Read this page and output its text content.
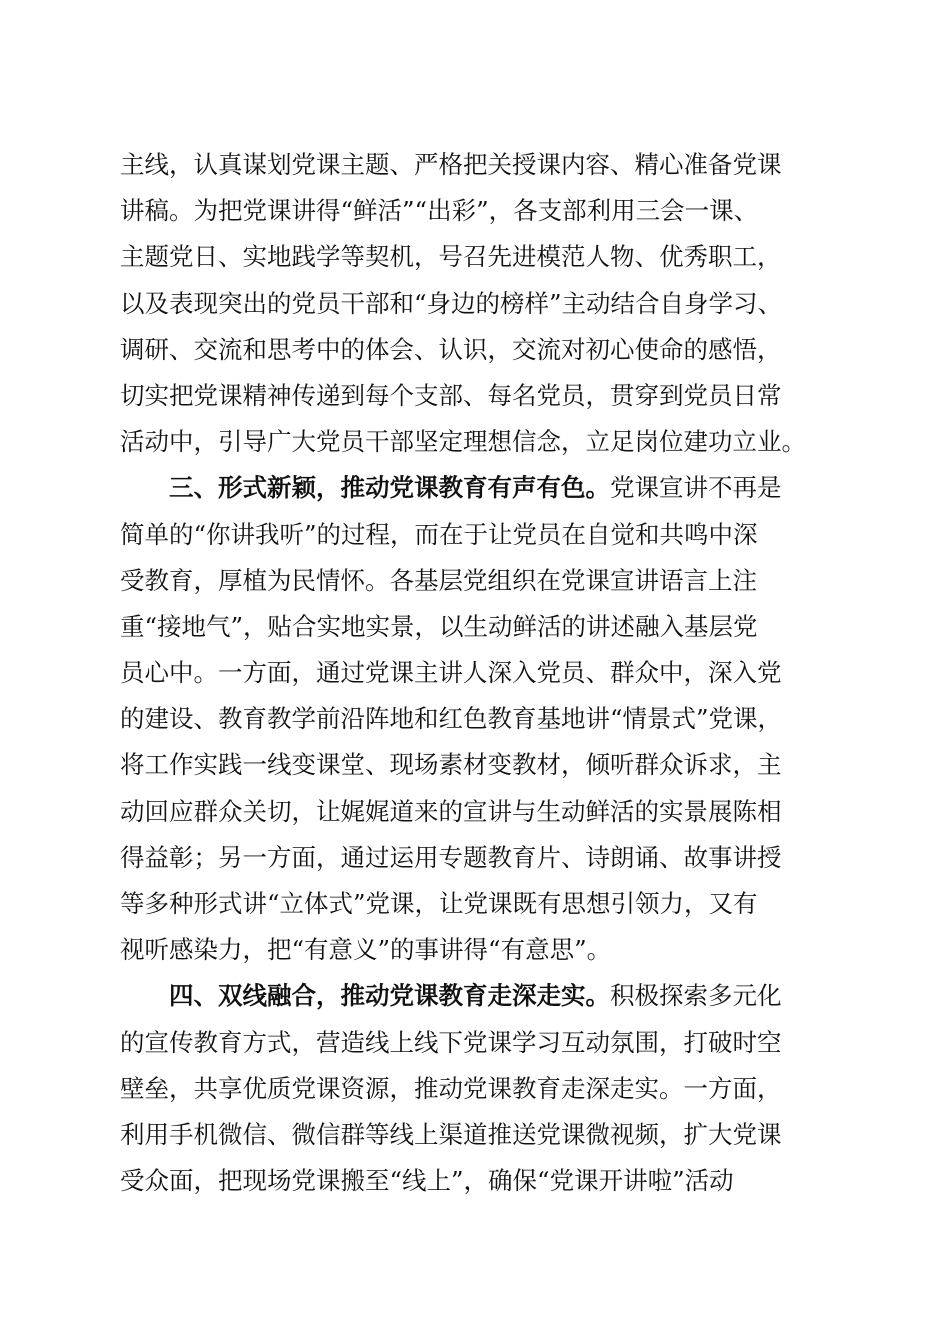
主线，认真谋划党课主题、严格把关授课内容、精心准备党课
讲稿。为把党课讲得“鲜活”“出彩”，各支部利用三会一课、
主题党日、实地践学等契机，号召先进模范人物、优秀职工，
以及表现突出的党员干部和“身边的榜样”主动结合自身学习、
调研、交流和思考中的体会、认识，交流对初心使命的感悟，
切实把党课精神传递到每个支部、每名党员，贯穿到党员日常
活动中，引导广大党员干部坚定理想信念，立足岗位建功立业。
三、形式新颖，推动党课教育有声有色。党课宣讲不再是
简单的“你讲我听”的过程，而在于让党员在自觉和共鸣中深
受教育，厚植为民情怀。各基层党组织在党课宣讲语言上注
重“接地气”，贴合实地实景，以生动鲜活的讲述融入基层党
员心中。一方面，通过党课主讲人深入党员、群众中，深入党
的建设、教育教学前沿阵地和红色教育基地讲“情景式”党课，
将工作实践一线变课堂、现场素材变教材，倾听群众诉求，主
动回应群众关切，让娓娓道来的宣讲与生动鲜活的实景展陈相
得益彰；另一方面，通过运用专题教育片、诗朗诵、故事讲授
等多种形式讲“立体式”党课，让党课既有思想引领力，又有
视听感染力，把“有意义”的事讲得“有意思”。
四、双线融合，推动党课教育走深走实。积极探索多元化
的宣传教育方式，营造线上线下党课学习互动氛围，打破时空
壁垒，共享优质党课资源，推动党课教育走深走实。一方面，
利用手机微信、微信群等线上渠道推送党课微视频，扩大党课
受众面，把现场党课搬至“线上”，确保“党课开讲啦”活动
